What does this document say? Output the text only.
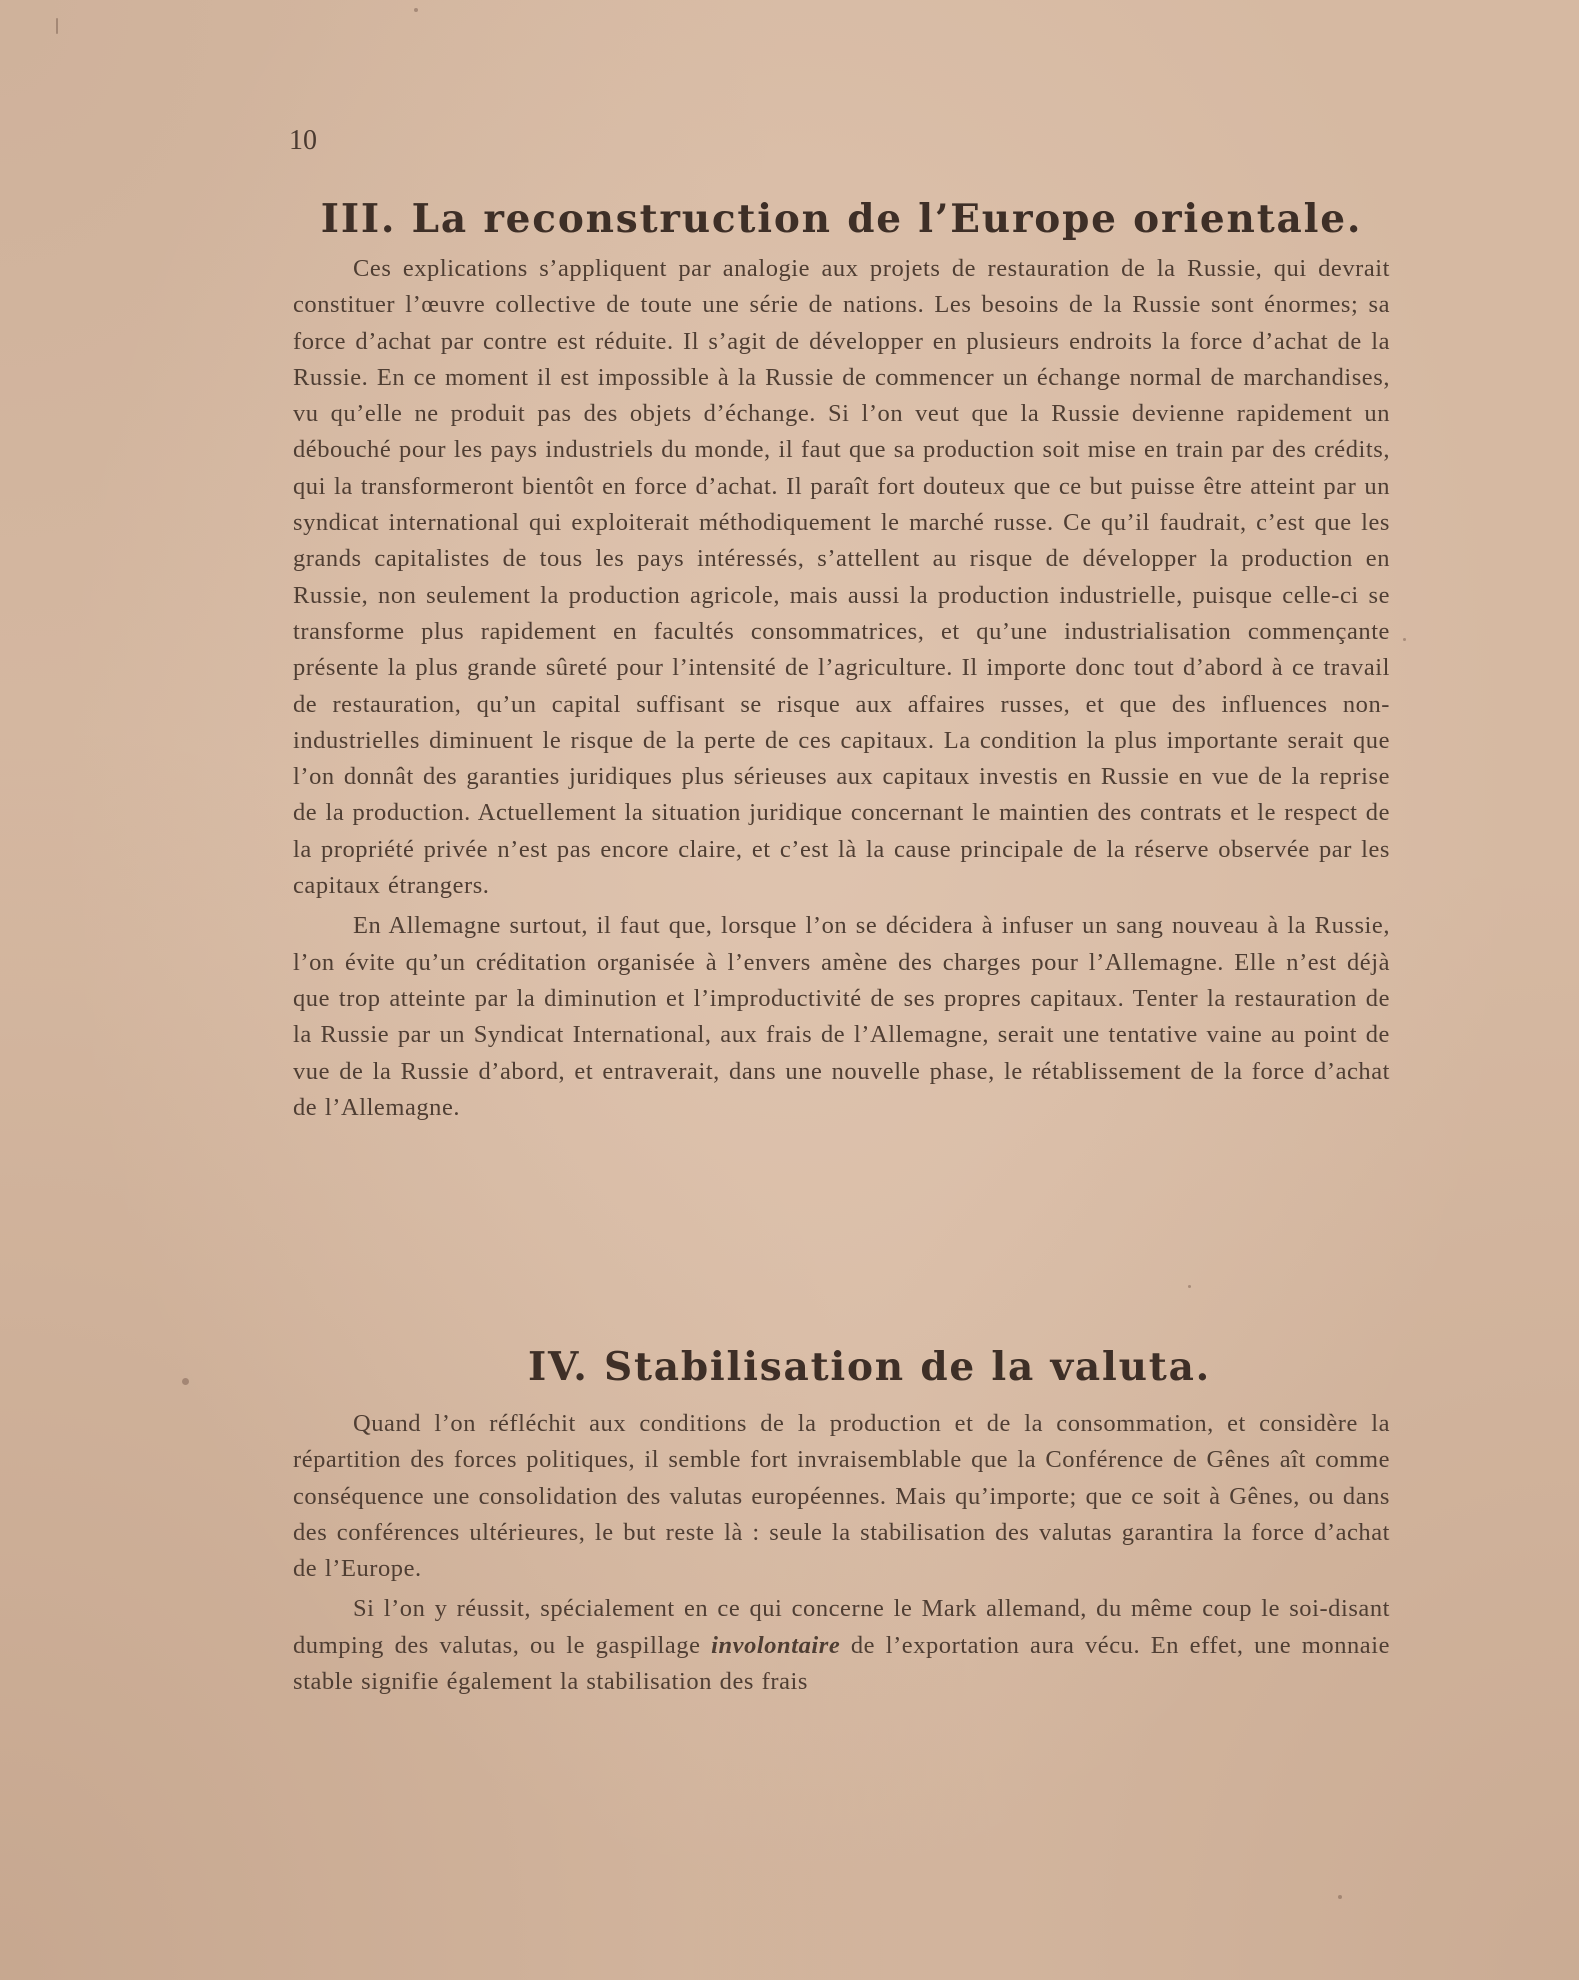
10
III. La reconstruction de l’Europe orientale.

Ces explications s’appliquent par analogie aux projets de restauration de la Russie, qui devrait constituer l’œuvre collective de toute une série de nations. Les besoins de la Russie sont énormes; sa force d’achat par contre est réduite. Il s’agit de développer en plusieurs endroits la force d’achat de la Russie. En ce moment il est impossible à la Russie de commencer un échange normal de marchandises, vu qu’elle ne produit pas des objets d’échange. Si l’on veut que la Russie devienne rapidement un débouché pour les pays industriels du monde, il faut que sa production soit mise en train par des crédits, qui la transformeront bientôt en force d’achat. Il paraît fort douteux que ce but puisse être atteint par un syndicat international qui exploiterait méthodiquement le marché russe. Ce qu’il faudrait, c’est que les grands capitalistes de tous les pays intéressés, s’attellent au risque de développer la production en Russie, non seulement la production agricole, mais aussi la production industrielle, puisque celle-ci se transforme plus rapidement en facultés consommatrices, et qu’une industrialisation commençante présente la plus grande sûreté pour l’intensité de l’agriculture. Il importe donc tout d’abord à ce travail de restauration, qu’un capital suffisant se risque aux affaires russes, et que des influences non-industrielles diminuent le risque de la perte de ces capitaux. La condition la plus importante serait que l’on donnât des garanties juridiques plus sérieuses aux capitaux investis en Russie en vue de la reprise de la production. Actuellement la situation juridique concernant le maintien des contrats et le respect de la propriété privée n’est pas encore claire, et c’est là la cause principale de la réserve observée par les capitaux étrangers.

En Allemagne surtout, il faut que, lorsque l’on se décidera à infuser un sang nouveau à la Russie, l’on évite qu’un créditation organisée à l’envers amène des charges pour l’Allemagne. Elle n’est déjà que trop atteinte par la diminution et l’improductivité de ses propres capitaux. Tenter la restauration de la Russie par un Syndicat International, aux frais de l’Allemagne, serait une tentative vaine au point de vue de la Russie d’abord, et entraverait, dans une nouvelle phase, le rétablissement de la force d’achat de l’Allemagne.

IV. Stabilisation de la valuta.

Quand l’on réfléchit aux conditions de la production et de la consommation, et considère la répartition des forces politiques, il semble fort invraisemblable que la Conférence de Gênes aît comme conséquence une consolidation des valutas européennes. Mais qu’importe; que ce soit à Gênes, ou dans des conférences ultérieures, le but reste là : seule la stabilisation des valutas garantira la force d’achat de l’Europe.

Si l’on y réussit, spécialement en ce qui concerne le Mark allemand, du même coup le soi-disant dumping des valutas, ou le gaspillage involontaire de l’exportation aura vécu. En effet, une monnaie stable signifie également la stabilisation des frais
